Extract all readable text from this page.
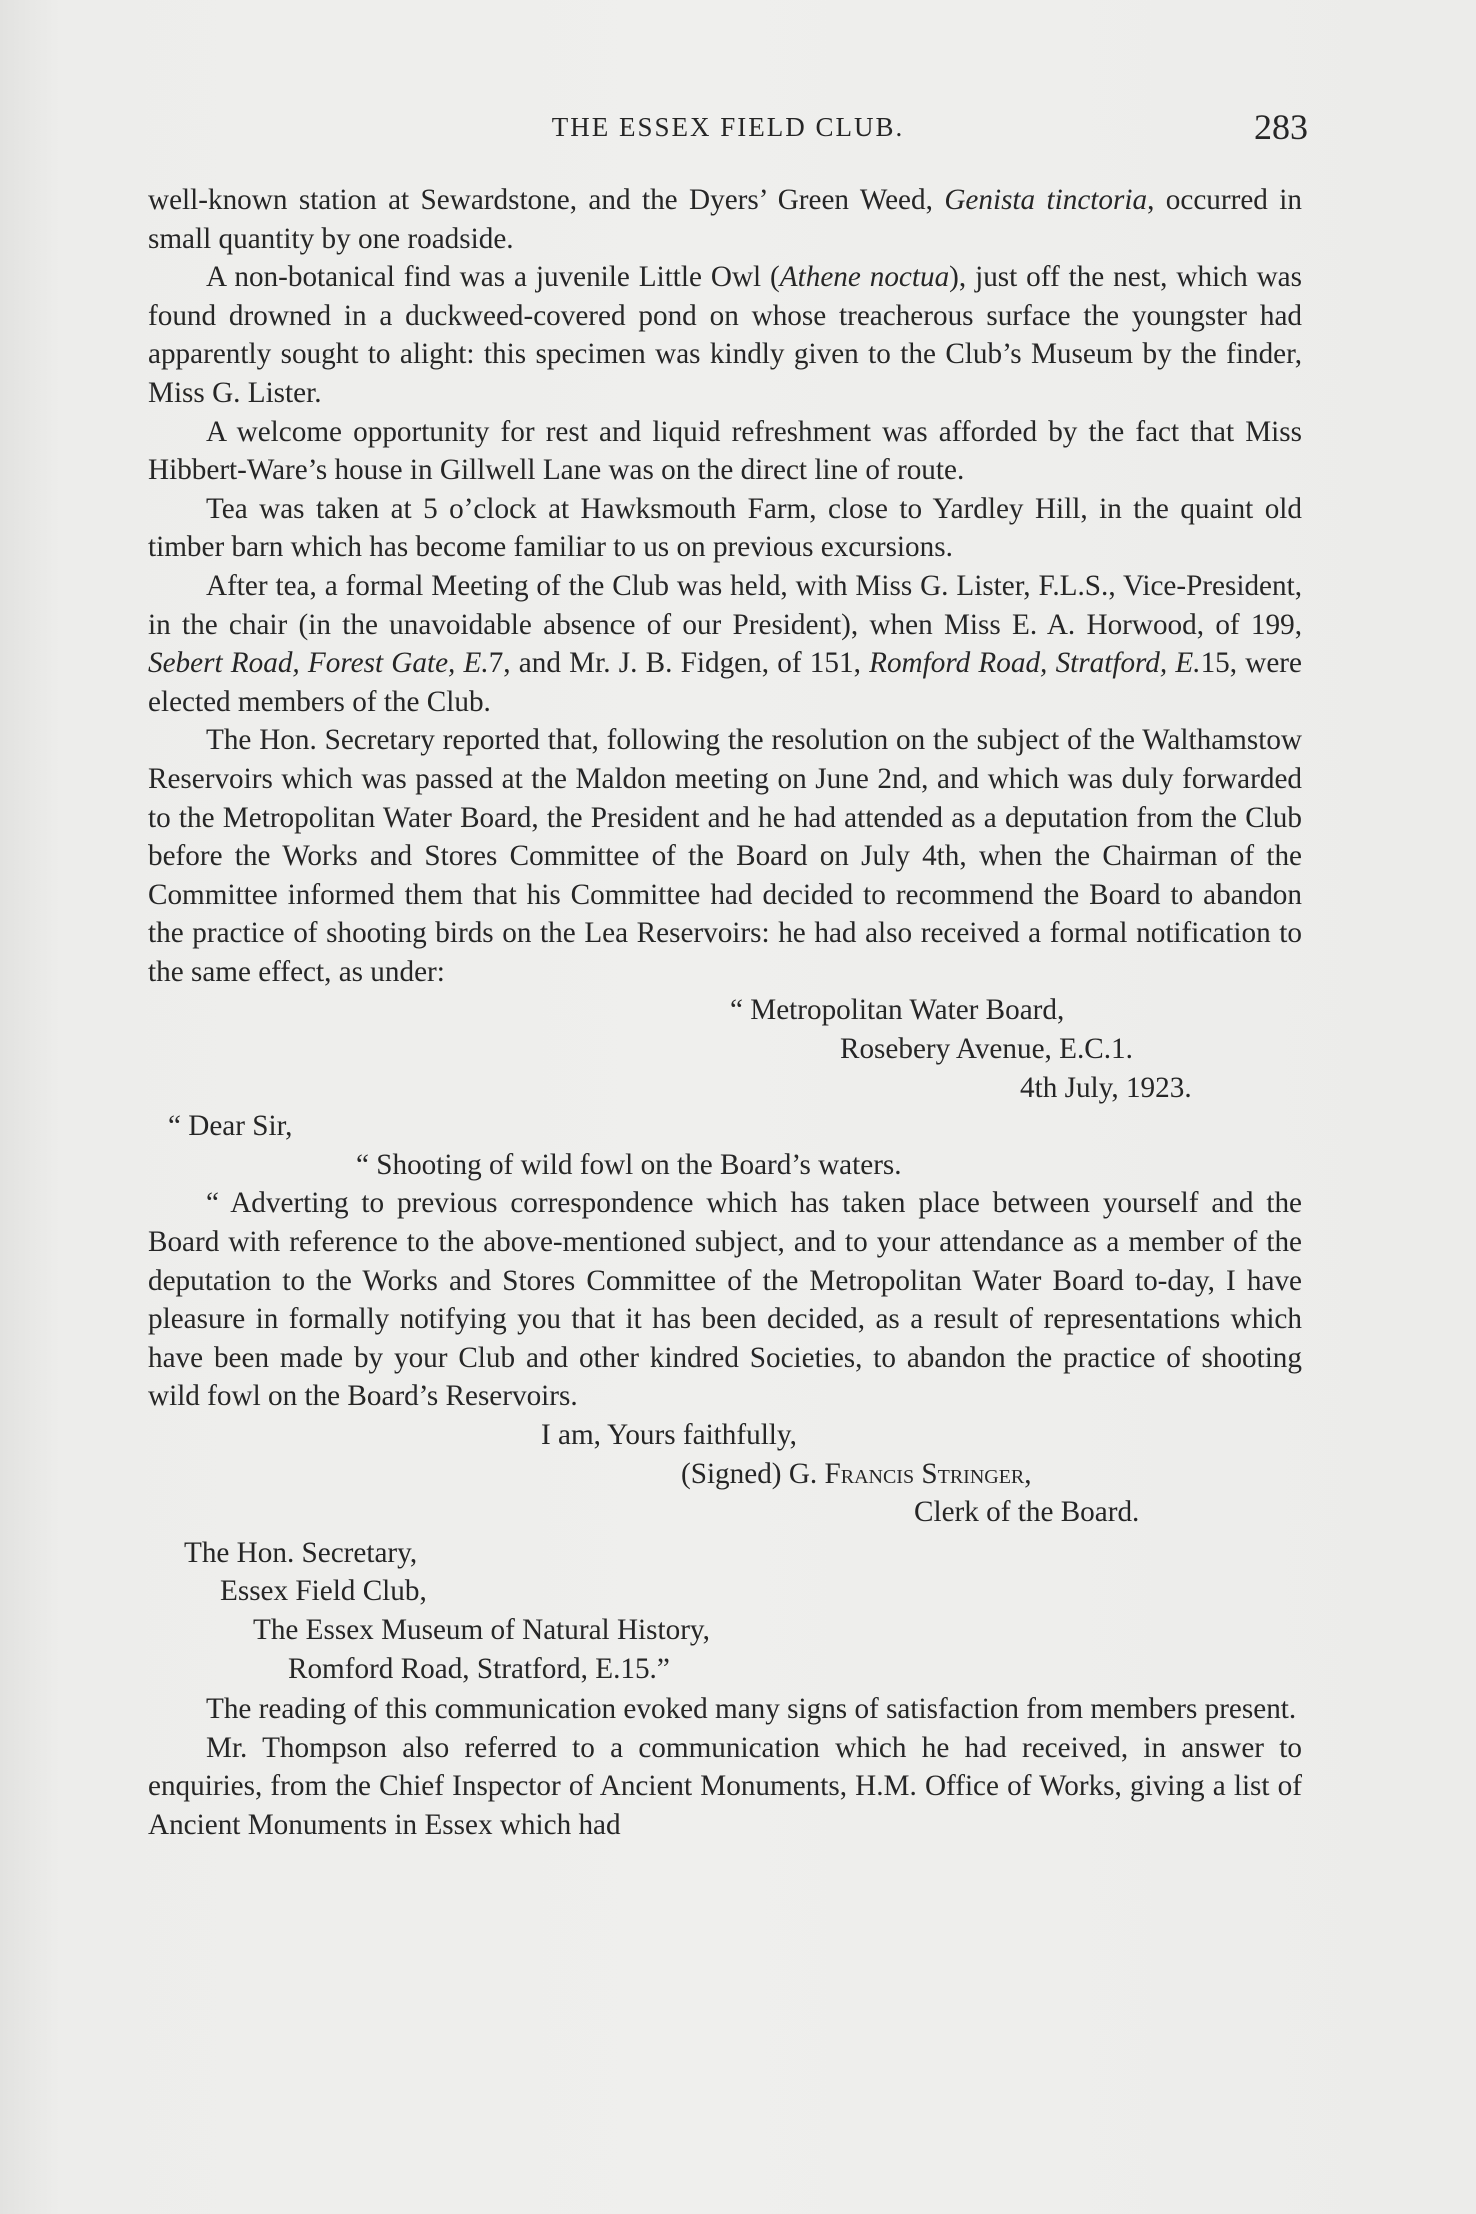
THE ESSEX FIELD CLUB.	283

well-known station at Sewardstone, and the Dyers’ Green Weed, Genista tinctoria, occurred in small quantity by one roadside.

A non-botanical find was a juvenile Little Owl (Athene noctua), just off the nest, which was found drowned in a duckweed-covered pond on whose treacherous surface the youngster had apparently sought to alight: this specimen was kindly given to the Club’s Museum by the finder, Miss G. Lister.

A welcome opportunity for rest and liquid refreshment was afforded by the fact that Miss Hibbert-Ware’s house in Gillwell Lane was on the direct line of route.

Tea was taken at 5 o’clock at Hawksmouth Farm, close to Yardley Hill, in the quaint old timber barn which has become familiar to us on previous excursions.

After tea, a formal Meeting of the Club was held, with Miss G. Lister, F.L.S., Vice-President, in the chair (in the unavoidable absence of our President), when Miss E. A. Horwood, of 199, Sebert Road, Forest Gate, E.7, and Mr. J. B. Fidgen, of 151, Romford Road, Stratford, E.15, were elected members of the Club.

The Hon. Secretary reported that, following the resolution on the subject of the Walthamstow Reservoirs which was passed at the Maldon meeting on June 2nd, and which was duly forwarded to the Metropolitan Water Board, the President and he had attended as a deputation from the Club before the Works and Stores Committee of the Board on July 4th, when the Chairman of the Committee informed them that his Committee had decided to recommend the Board to abandon the practice of shooting birds on the Lea Reservoirs: he had also received a formal notification to the same effect, as under:

“ Metropolitan Water Board,
Rosebery Avenue, E.C.1.
4th July, 1923.
“ Dear Sir,
“ Shooting of wild fowl on the Board’s waters.

“ Adverting to previous correspondence which has taken place between yourself and the Board with reference to the above-mentioned subject, and to your attendance as a member of the deputation to the Works and Stores Committee of the Metropolitan Water Board to-day, I have pleasure in formally notifying you that it has been decided, as a result of representations which have been made by your Club and other kindred Societies, to abandon the practice of shooting wild fowl on the Board’s Reservoirs.

I am, Yours faithfully,
(Signed) G. Francis Stringer,
Clerk of the Board.
The Hon. Secretary,
Essex Field Club,
The Essex Museum of Natural History,
Romford Road, Stratford, E.15.”

The reading of this communication evoked many signs of satisfaction from members present.

Mr. Thompson also referred to a communication which he had received, in answer to enquiries, from the Chief Inspector of Ancient Monuments, H.M. Office of Works, giving a list of Ancient Monuments in Essex which had
